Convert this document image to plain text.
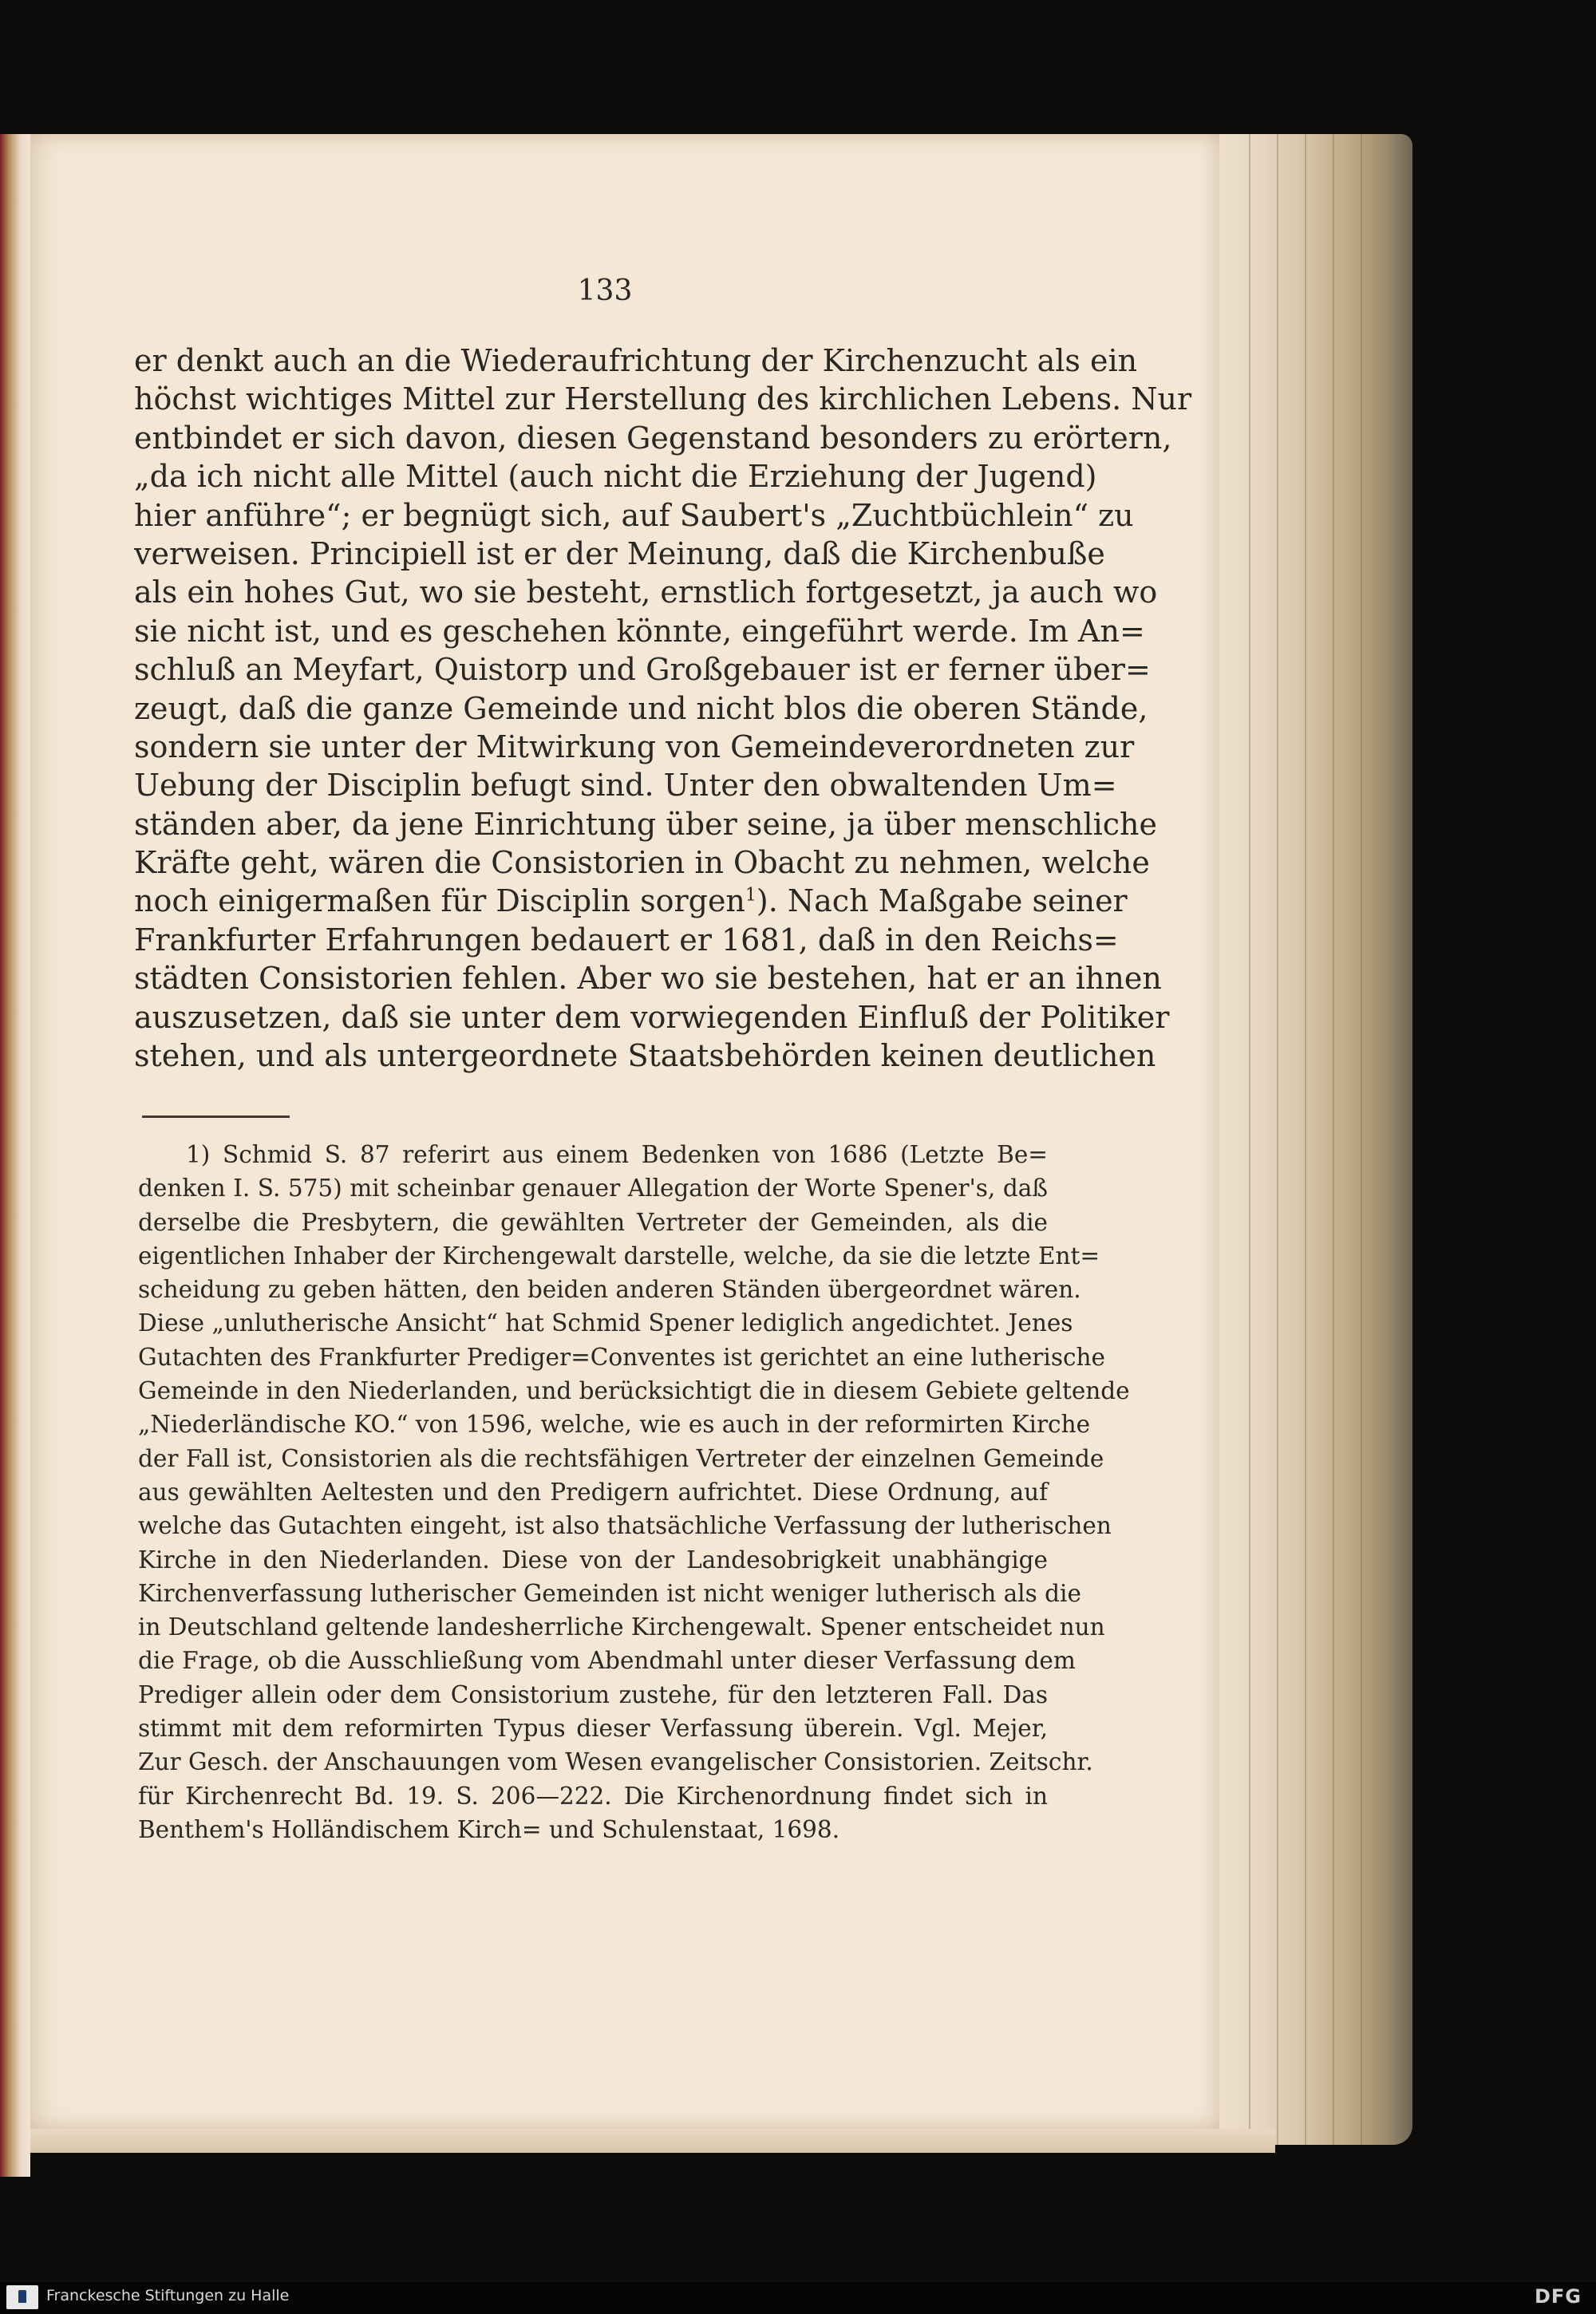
133
er denkt auch an die Wiederaufrichtung der Kirchenzucht als ein
höchst wichtiges Mittel zur Herstellung des kirchlichen Lebens. Nur
entbindet er sich davon, diesen Gegenstand besonders zu erörtern,
„da ich nicht alle Mittel (auch nicht die Erziehung der Jugend)
hier anführe“; er begnügt sich, auf Saubert's „Zuchtbüchlein“ zu
verweisen. Principiell ist er der Meinung, daß die Kirchenbuße
als ein hohes Gut, wo sie besteht, ernstlich fortgesetzt, ja auch wo
sie nicht ist, und es geschehen könnte, eingeführt werde. Im An=
schluß an Meyfart, Quistorp und Großgebauer ist er ferner über=
zeugt, daß die ganze Gemeinde und nicht blos die oberen Stände,
sondern sie unter der Mitwirkung von Gemeindeverordneten zur
Uebung der Disciplin befugt sind. Unter den obwaltenden Um=
ständen aber, da jene Einrichtung über seine, ja über menschliche
Kräfte geht, wären die Consistorien in Obacht zu nehmen, welche
noch einigermaßen für Disciplin sorgen$^1$). Nach Maßgabe seiner
Frankfurter Erfahrungen bedauert er 1681, daß in den Reichs=
städten Consistorien fehlen. Aber wo sie bestehen, hat er an ihnen
auszusetzen, daß sie unter dem vorwiegenden Einfluß der Politiker
stehen, und als untergeordnete Staatsbehörden keinen deutlichen
1) Schmid S. 87 referirt aus einem Bedenken von 1686 (Letzte Be=
denken I. S. 575) mit scheinbar genauer Allegation der Worte Spener's, daß
derselbe die Presbytern, die gewählten Vertreter der Gemeinden, als die
eigentlichen Inhaber der Kirchengewalt darstelle, welche, da sie die letzte Ent=
scheidung zu geben hätten, den beiden anderen Ständen übergeordnet wären.
Diese „unlutherische Ansicht“ hat Schmid Spener lediglich angedichtet. Jenes
Gutachten des Frankfurter Prediger=Conventes ist gerichtet an eine lutherische
Gemeinde in den Niederlanden, und berücksichtigt die in diesem Gebiete geltende
„Niederländische KO.“ von 1596, welche, wie es auch in der reformirten Kirche
der Fall ist, Consistorien als die rechtsfähigen Vertreter der einzelnen Gemeinde
aus gewählten Aeltesten und den Predigern aufrichtet. Diese Ordnung, auf
welche das Gutachten eingeht, ist also thatsächliche Verfassung der lutherischen
Kirche in den Niederlanden. Diese von der Landesobrigkeit unabhängige
Kirchenverfassung lutherischer Gemeinden ist nicht weniger lutherisch als die
in Deutschland geltende landesherrliche Kirchengewalt. Spener entscheidet nun
die Frage, ob die Ausschließung vom Abendmahl unter dieser Verfassung dem
Prediger allein oder dem Consistorium zustehe, für den letzteren Fall. Das
stimmt mit dem reformirten Typus dieser Verfassung überein. Vgl. Mejer,
Zur Gesch. der Anschauungen vom Wesen evangelischer Consistorien. Zeitschr.
für Kirchenrecht Bd. 19. S. 206—222. Die Kirchenordnung findet sich in
Benthem's Holländischem Kirch= und Schulenstaat, 1698.
Franckesche Stiftungen zu Halle	DFG
